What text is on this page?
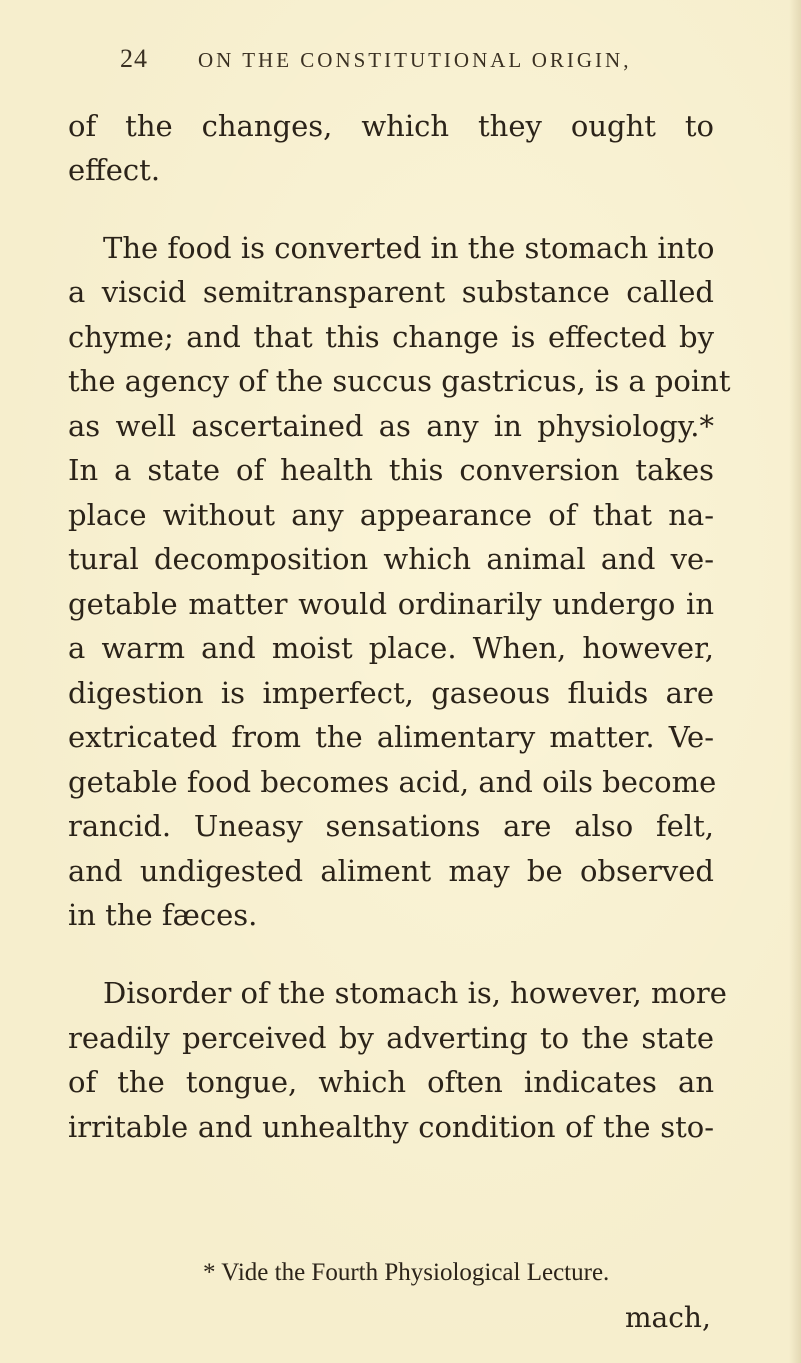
24 ON THE CONSTITUTIONAL ORIGIN,
of the changes, which they ought to
effect.
The food is converted in the stomach into
a viscid semitransparent substance called
chyme; and that this change is effected by
the agency of the succus gastricus, is a point
as well ascertained as any in physiology.*
In a state of health this conversion takes
place without any appearance of that na-
tural decomposition which animal and ve-
getable matter would ordinarily undergo in
a warm and moist place. When, however,
digestion is imperfect, gaseous fluids are
extricated from the alimentary matter. Ve-
getable food becomes acid, and oils become
rancid. Uneasy sensations are also felt,
and undigested aliment may be observed
in the fæces.
Disorder of the stomach is, however, more
readily perceived by adverting to the state
of the tongue, which often indicates an
irritable and unhealthy condition of the sto-
* Vide the Fourth Physiological Lecture.
mach,
